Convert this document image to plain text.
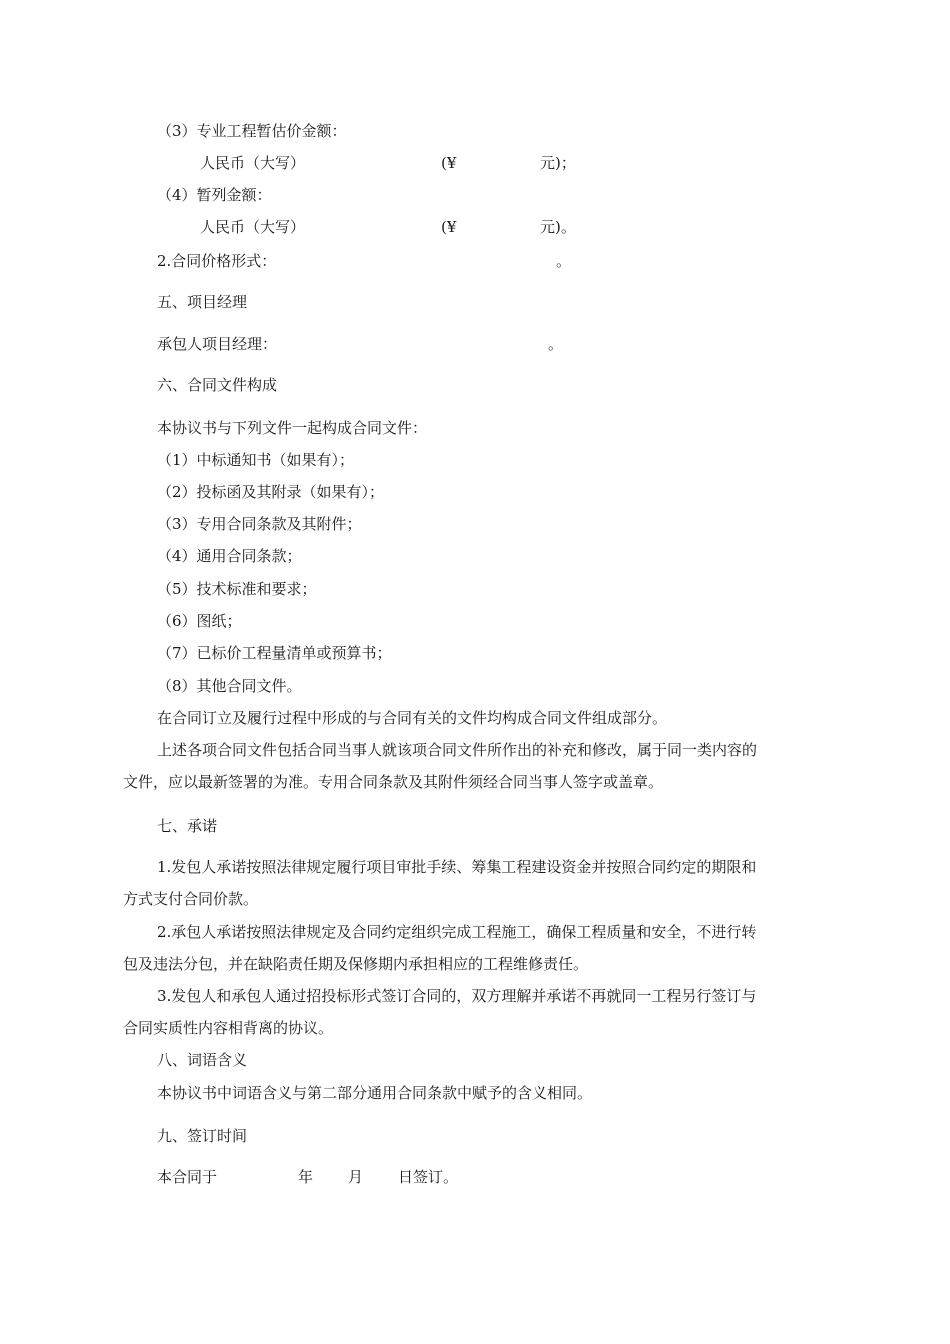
（3）专业工程暂估价金额：

人民币（大写）	(¥	元)；

（4）暂列金额：

人民币（大写）	(¥	元)。

2.合同价格形式：	。

五、项目经理

承包人项目经理：	。

六、合同文件构成

本协议书与下列文件一起构成合同文件：

（1）中标通知书（如果有）；

（2）投标函及其附录（如果有）；

（3）专用合同条款及其附件；

（4）通用合同条款；

（5）技术标准和要求；

（6）图纸；

（7）已标价工程量清单或预算书；

（8）其他合同文件。

在合同订立及履行过程中形成的与合同有关的文件均构成合同文件组成部分。

上述各项合同文件包括合同当事人就该项合同文件所作出的补充和修改，属于同一类内容的

文件，应以最新签署的为准。专用合同条款及其附件须经合同当事人签字或盖章。

七、承诺

1.发包人承诺按照法律规定履行项目审批手续、筹集工程建设资金并按照合同约定的期限和

方式支付合同价款。

2.承包人承诺按照法律规定及合同约定组织完成工程施工，确保工程质量和安全，不进行转

包及违法分包，并在缺陷责任期及保修期内承担相应的工程维修责任。

3.发包人和承包人通过招投标形式签订合同的，双方理解并承诺不再就同一工程另行签订与

合同实质性内容相背离的协议。

八、词语含义

本协议书中词语含义与第二部分通用合同条款中赋予的含义相同。

九、签订时间

本合同于	年 月 日签订。
